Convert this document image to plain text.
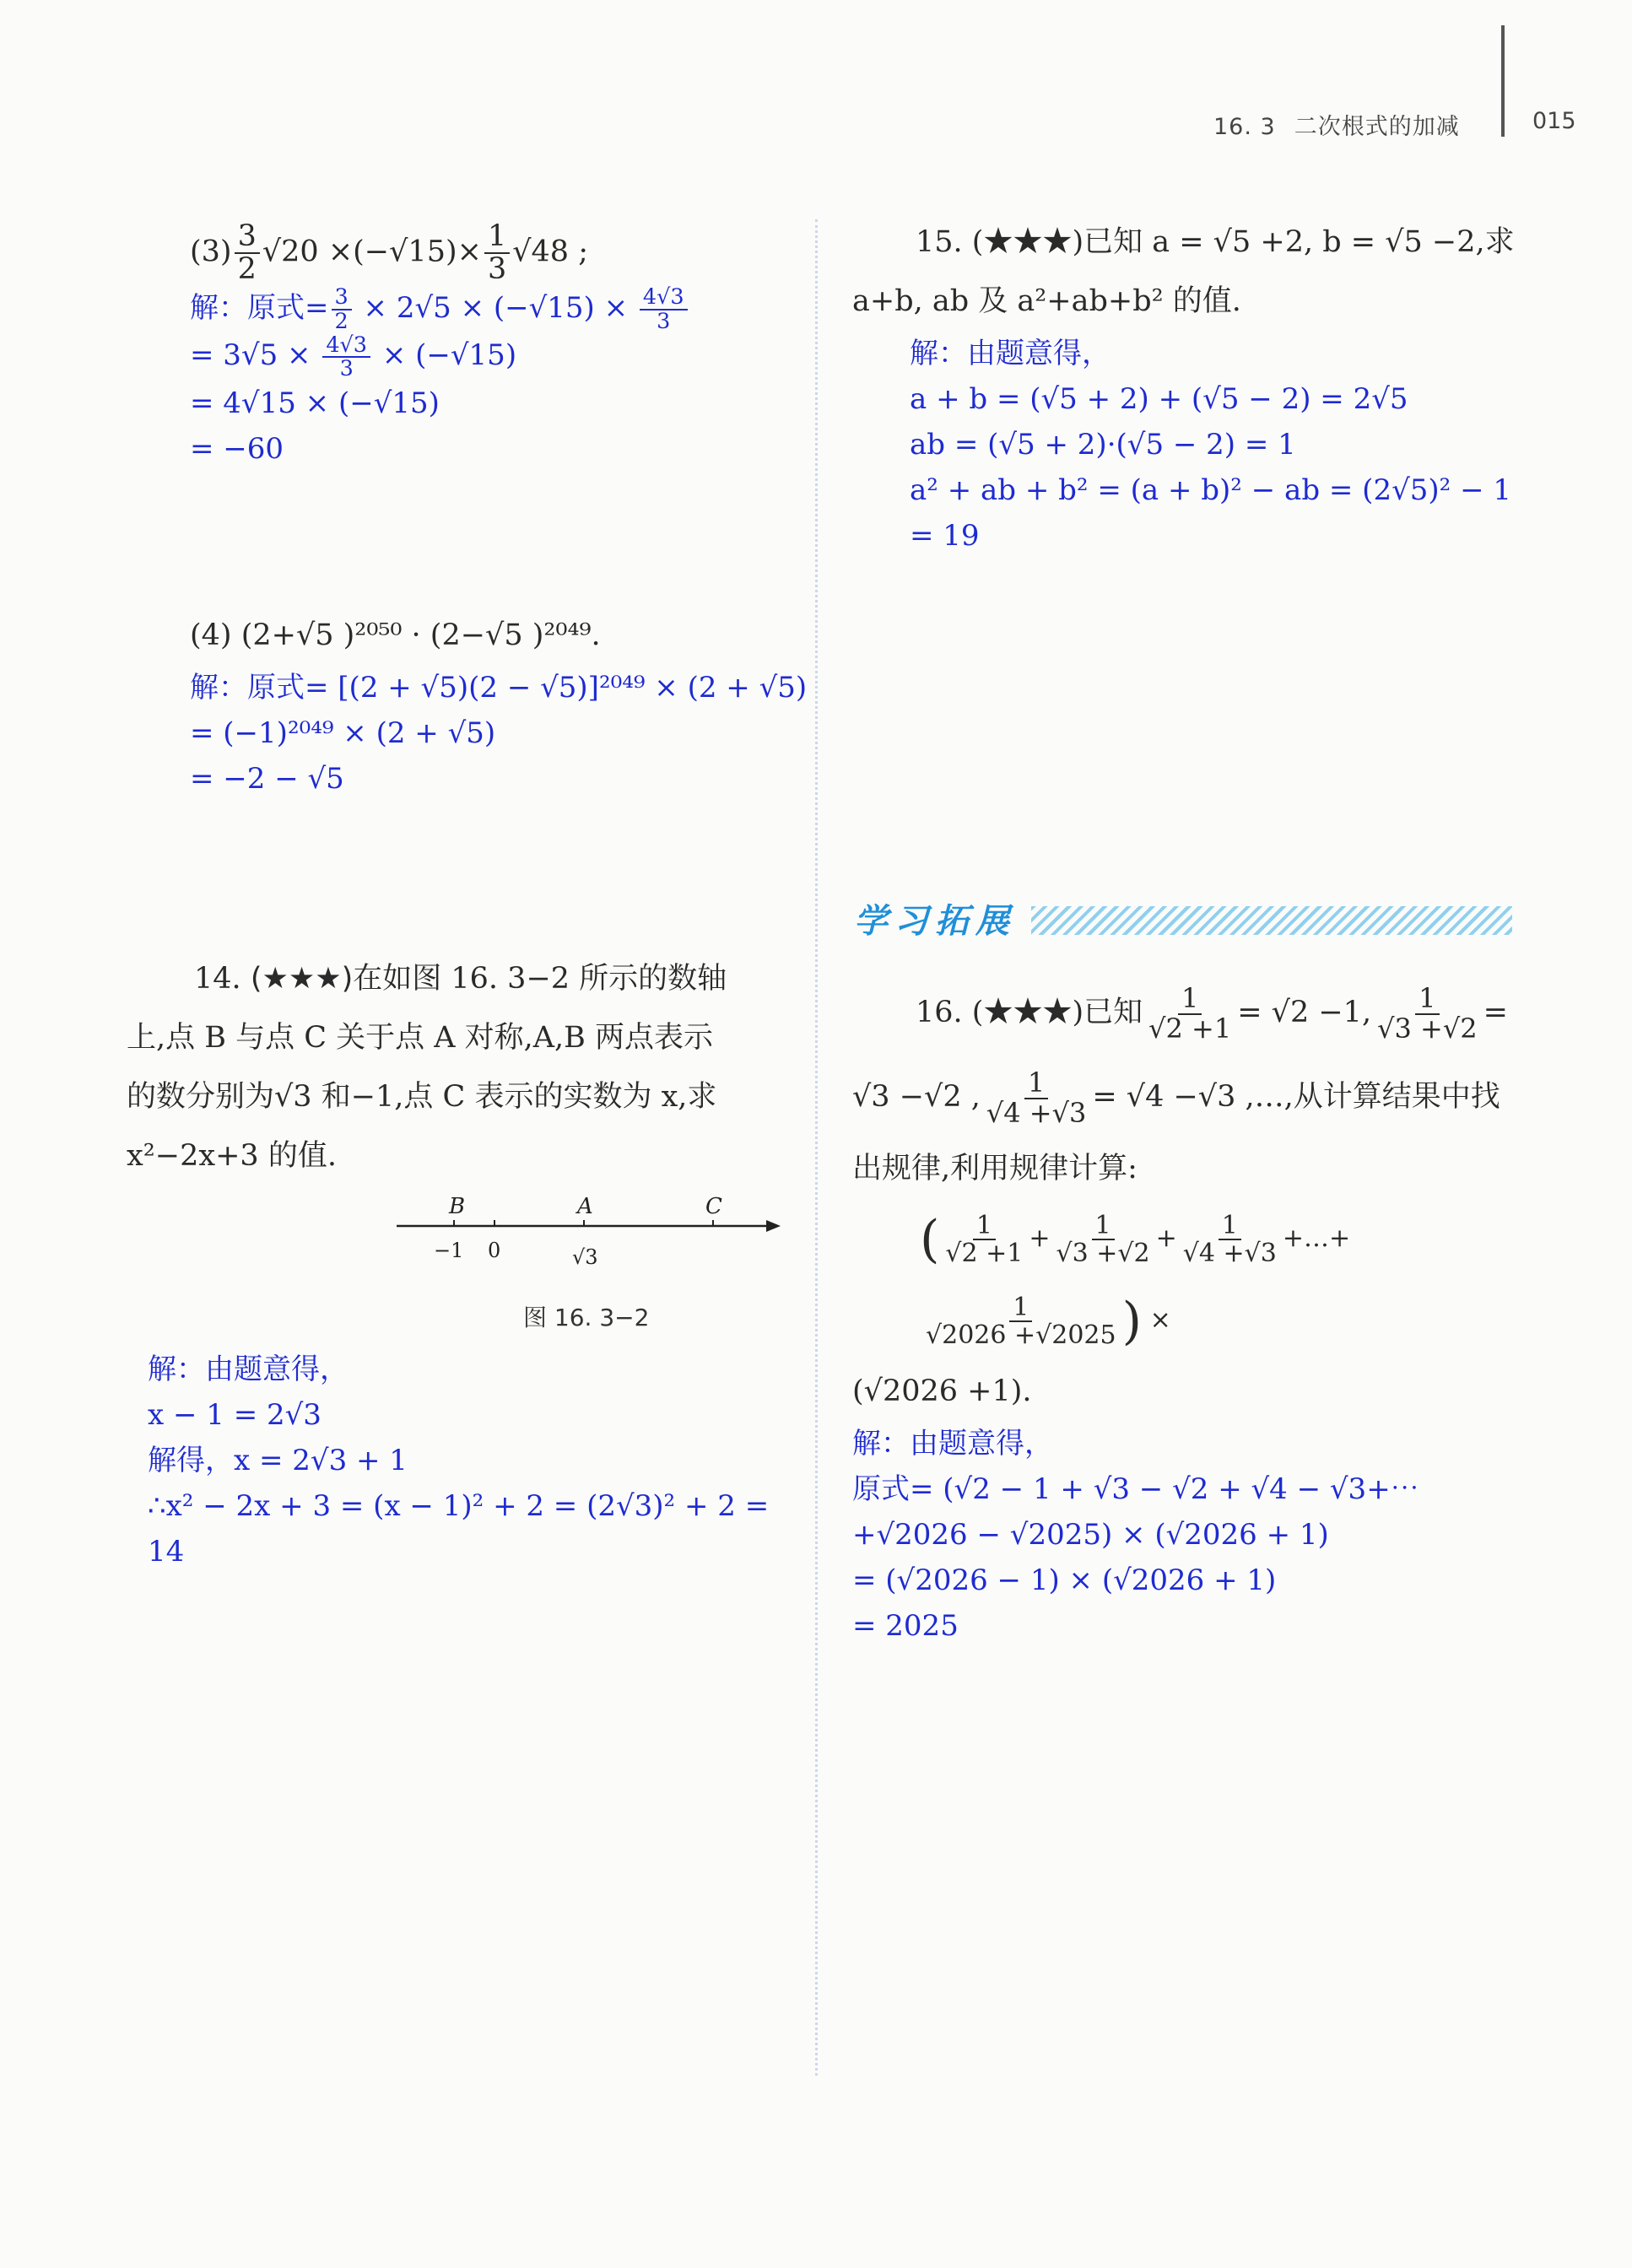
16. 3 二次根式的加减	015
$(3) \frac{3}{2} √20 \times(-√15)\times \frac{1}{3} √48$ ;

解：原式= $\frac{3}{2} \times 2√5 \times (-√15) \times \frac{4√3}{3}$

= $3√5 \times \frac{4√3}{3} \times (-√15)$

= 4√15 × (−√15)

= −60

(4) (2+√5 )²⁰⁵⁰ · (2−√5 )²⁰⁴⁹.

解：原式= [(2 + √5)(2 − √5)]²⁰⁴⁹ × (2 + √5)

= (−1)²⁰⁴⁹ × (2 + √5)

= −2 − √5

14. (★★★)在如图 16. 3−2 所示的数轴

上,点 B 与点 C 关于点 A 对称,A,B 两点表示

的数分别为√3 和−1,点 C 表示的实数为 x,求

x²−2x+3 的值.

B	A	C
−1 0	√3
图 16. 3−2

解：由题意得，

x − 1 = 2√3

解得，x = 2√3 + 1

∴x² − 2x + 3 = (x − 1)² + 2 = (2√3)² + 2 = 14

15. (★★★)已知 a = √5 +2, b = √5 −2,求

a+b, ab 及 a²+ab+b² 的值.

解：由题意得，

a + b = (√5 + 2) + (√5 − 2) = 2√5

ab = (√5 + 2)·(√5 − 2) = 1

a² + ab + b² = (a + b)² − ab = (2√5)² − 1 = 19

学习拓展

16. (★★★)已知 $\frac{1}{√2 +1} = √2 -1$, $\frac{1}{√3 +√2}$ =

√3 −√2 , $\frac{1}{√4 +√3} = √4 -√3$ ,…,从计算结果中找

出规律,利用规律计算:

( $\frac{1}{√2 +1} + \frac{1}{√3 +√2} + \frac{1}{√4 +√3}$ +…+
$\frac{1}{√2026 +√2025}$ ) ×

(√2026 +1).

解：由题意得，

原式= (√2 − 1 + √3 − √2 + √4 − √3+⋯

+√2026 − √2025) × (√2026 + 1)

= (√2026 − 1) × (√2026 + 1)

= 2025
